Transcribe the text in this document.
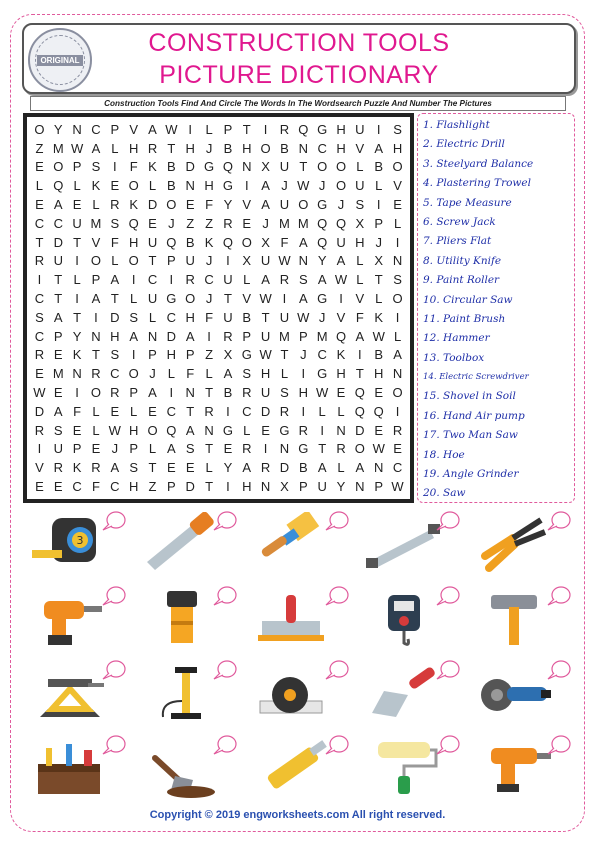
CONSTRUCTION TOOLS
PICTURE DICTIONARY
ORIGINAL
Construction Tools Find And Circle The Words In The Wordsearch Puzzle And Number The Pictures
O Y N C P V A W I	L P T	I R Q G H U I S
Z M W A L H R T H J B H O B N C H V A H
E O P S I	F K B D G Q N X U T O O L B O
L Q L K E O L B N H G I A J W J O U L V
E A E L R K D O E F Y V A U O G J S I E
C C U M S Q E J Z Z R E J M M Q Q X P L
T D T V F H U Q B K Q O X F A Q U H J	I
R U I O L O T P U J	I X U W N Y A L X N
I	T L P A I C I R C U L A R S A W L T S
C T	I A T L U G O J T V W I A G I V L O
S A T	I D S L C H F U B T U W J V F K I
C P Y N H A N D A I R P U M P M Q A W L
R E K T S I P H P Z X G W T J C K I B A
E M N R C O J L F L A S H L	I G H T H N
W E I O R P A I N T B R U S H W E Q E O
D A F L E L E C T R I C D R I	L L Q Q I
R S E L W H O Q A N G L E G R I N D E R
I U P E J P L A S T E R I N G T R O W E
V R K R A S T E E L Y A R D B A L A N C
E E C F C H Z P D T	I H N X P U Y N P W
1. Flashlight
2. Electric Drill
3. Steelyard Balance
4. Plastering Trowel
5. Tape Measure
6. Screw Jack
7. Pliers Flat
8. Utility Knife
9. Paint Roller
10. Circular Saw
11. Paint Brush
12. Hammer
13. Toolbox
14. Electric Screwdriver
15. Shovel in Soil
16. Hand Air pump
17. Two Man Saw
18. Hoe
19. Angle Grinder
20. Saw
3
Copyright © 2019 engworksheets.com All right reserved.
